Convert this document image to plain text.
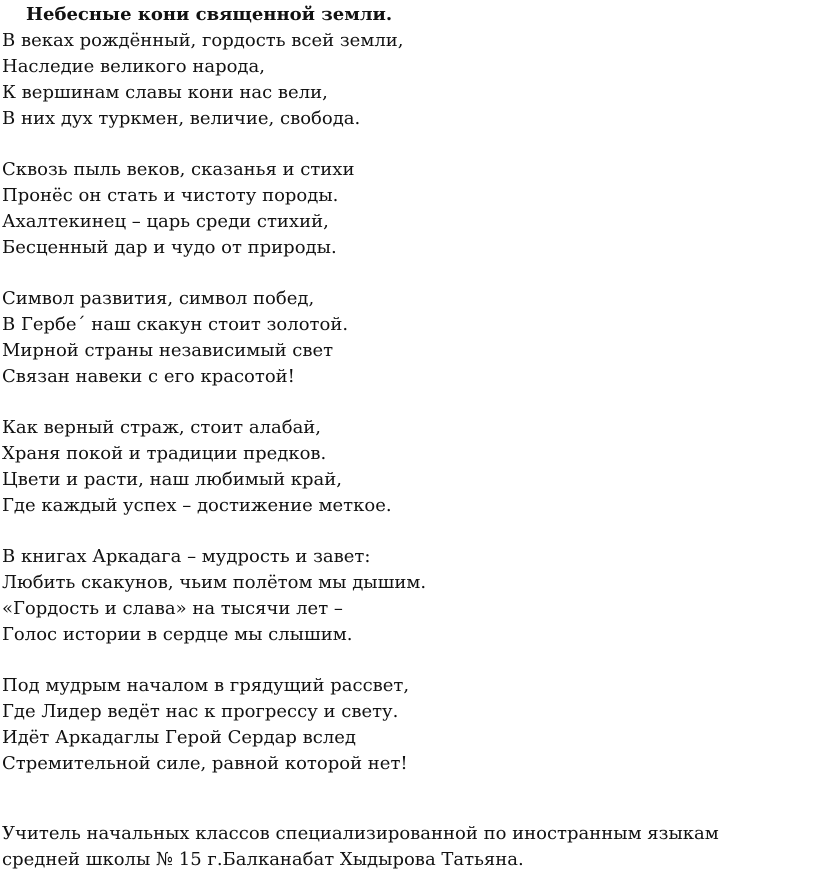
Небесные кони священной земли.
В веках рождённый, гордость всей земли,
Наследие великого народа,
К вершинам славы кони нас вели,
В них дух туркмен, величие, свобода.
Сквозь пыль веков, сказанья и стихи
Пронёс он стать и чистоту породы.
Ахалтекинец – царь среди стихий,
Бесценный дар и чудо от природы.
Символ развития, символ побед,
В Гербе´ наш скакун стоит золотой.
Мирной страны независимый свет
Связан навеки с его красотой!
Как верный страж, стоит алабай,
Храня покой и традиции предков.
Цвети и расти, наш любимый край,
Где каждый успех – достижение меткое.
В книгах Аркадага – мудрость и завет:
Любить скакунов, чьим полётом мы дышим.
«Гордость и слава» на тысячи лет –
Голос истории в сердце мы слышим.
Под мудрым началом в грядущий рассвет,
Где Лидер ведёт нас к прогрессу и свету.
Идёт Аркадаглы Герой Сердар вслед
Стремительной силе, равной которой нет!
Учитель начальных классов специализированной по иностранным языкам
средней школы № 15 г.Балканабат Хыдырова Татьяна.
